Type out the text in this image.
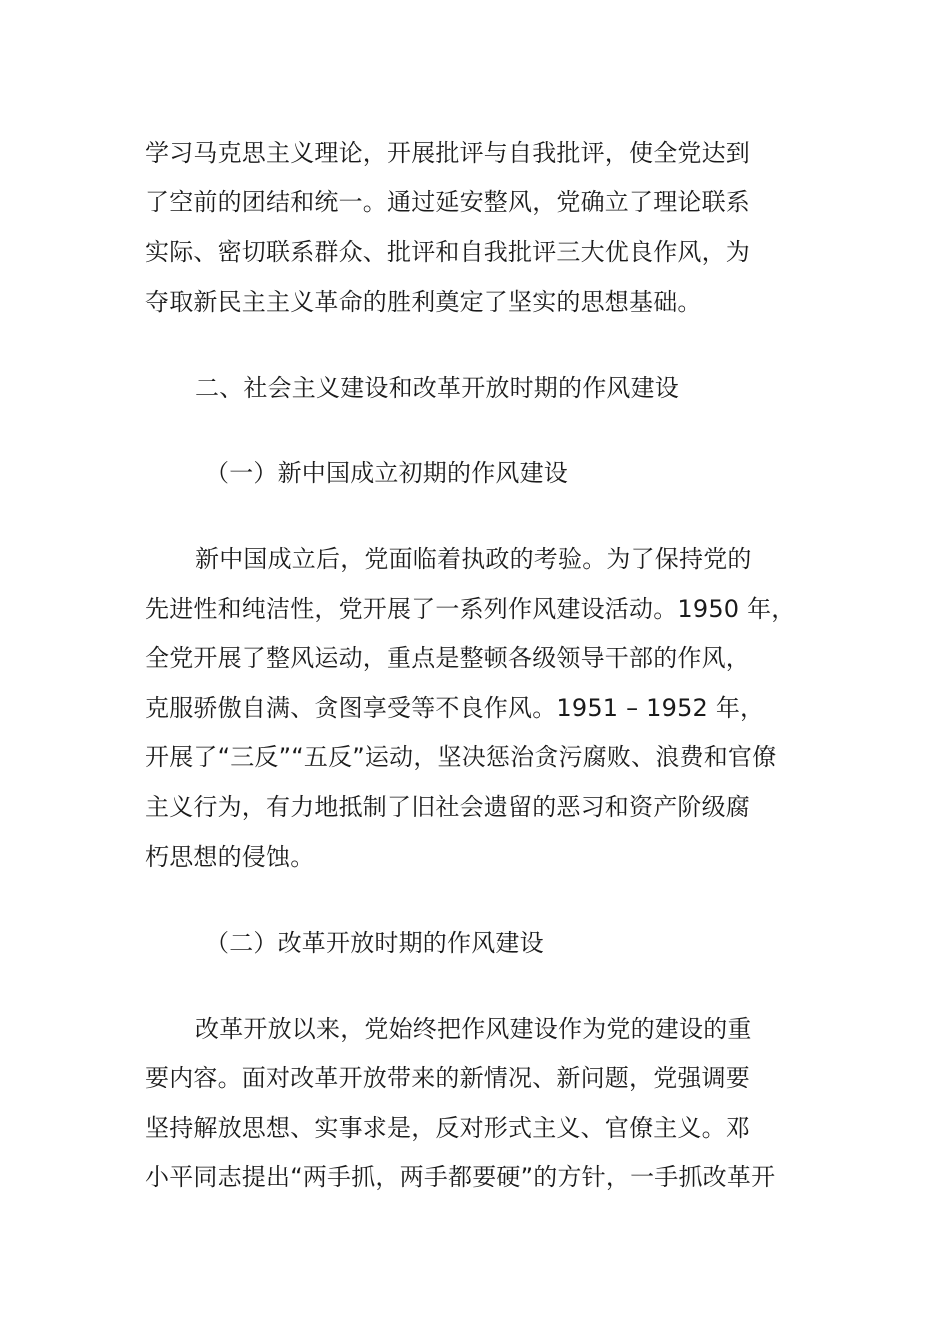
学习马克思主义理论，开展批评与自我批评，使全党达到
了空前的团结和统一。通过延安整风，党确立了理论联系
实际、密切联系群众、批评和自我批评三大优良作风，为
夺取新民主主义革命的胜利奠定了坚实的思想基础。
二、社会主义建设和改革开放时期的作风建设
（一）新中国成立初期的作风建设
新中国成立后，党面临着执政的考验。为了保持党的
先进性和纯洁性，党开展了一系列作风建设活动。1950 年，
全党开展了整风运动，重点是整顿各级领导干部的作风，
克服骄傲自满、贪图享受等不良作风。1951 – 1952 年，
开展了“三反”“五反”运动，坚决惩治贪污腐败、浪费和官僚
主义行为，有力地抵制了旧社会遗留的恶习和资产阶级腐
朽思想的侵蚀。
（二）改革开放时期的作风建设
改革开放以来，党始终把作风建设作为党的建设的重
要内容。面对改革开放带来的新情况、新问题，党强调要
坚持解放思想、实事求是，反对形式主义、官僚主义。邓
小平同志提出“两手抓，两手都要硬”的方针，一手抓改革开
